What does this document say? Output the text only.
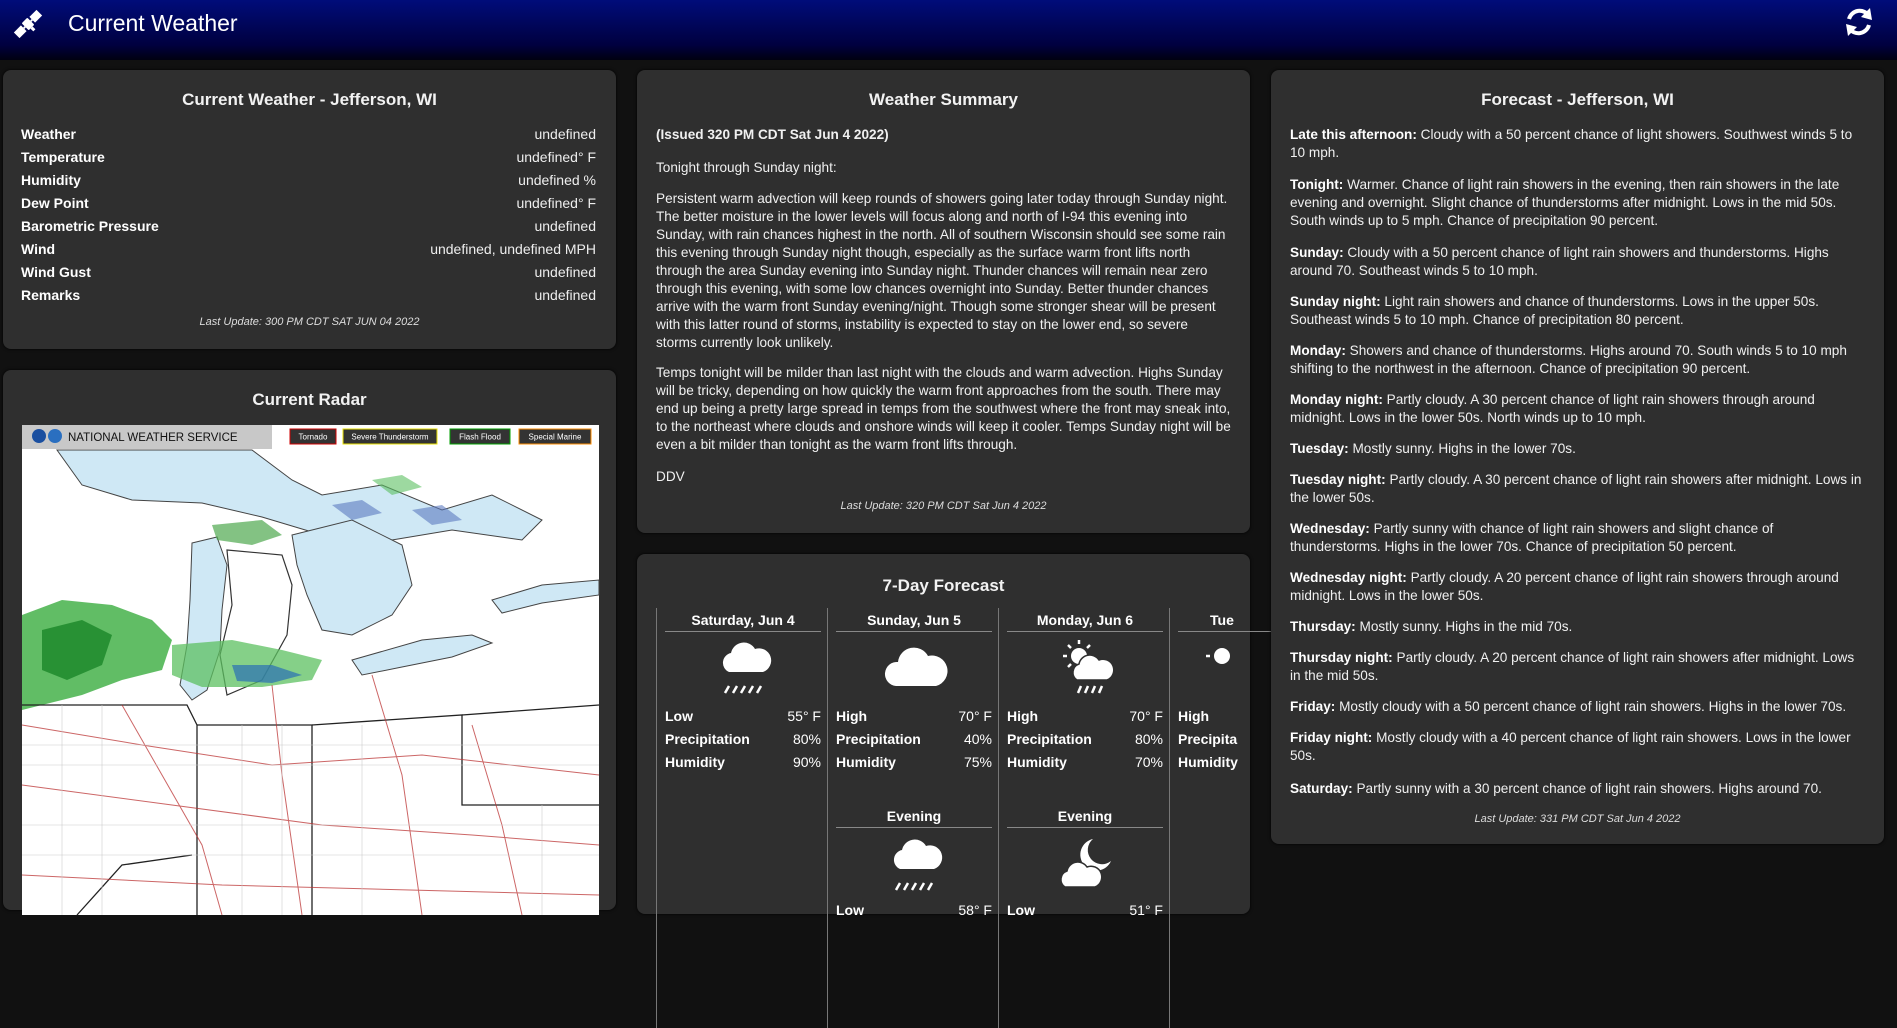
Current Weather
Current Weather - Jefferson, WI
Weather	undefined
Temperature	undefined° F
Humidity	undefined %
Dew Point	undefined° F
Barometric Pressure	undefined
Wind	undefined, undefined MPH
Wind Gust	undefined
Remarks	undefined
Last Update: 300 PM CDT SAT JUN 04 2022
Current Radar
NATIONAL WEATHER SERVICE	Tornado	Severe Thunderstorm	Flash Flood	Special Marine
Weather Summary
(Issued 320 PM CDT Sat Jun 4 2022)
Tonight through Sunday night:
Persistent warm advection will keep rounds of showers going later today through Sunday night. The better moisture in the lower levels will focus along and north of I-94 this evening into Sunday, with rain chances highest in the north. All of southern Wisconsin should see some rain this evening through Sunday night though, especially as the surface warm front lifts north through the area Sunday evening into Sunday night. Thunder chances will remain near zero through this evening, with some low chances overnight into Sunday. Better thunder chances arrive with the warm front Sunday evening/night. Though some stronger shear will be present with this latter round of storms, instability is expected to stay on the lower end, so severe storms currently look unlikely.
Temps tonight will be milder than last night with the clouds and warm advection. Highs Sunday will be tricky, depending on how quickly the warm front approaches from the south. There may end up being a pretty large spread in temps from the southwest where the front may sneak into, to the northeast where clouds and onshore winds will keep it cooler. Temps Sunday night will be even a bit milder than tonight as the warm front lifts through.
DDV
Last Update: 320 PM CDT Sat Jun 4 2022
7-Day Forecast
Saturday, Jun 4
Low	55° F
Precipitation	80%
Humidity	90%
Sunday, Jun 5
High	70° F
Precipitation	40%
Humidity	75%
Evening
Low	58° F
Monday, Jun 6
High	70° F
Precipitation	80%
Humidity	70%
Evening
Low	51° F
Tue
High
Precipita
Humidity
Forecast - Jefferson, WI
Late this afternoon: Cloudy with a 50 percent chance of light showers. Southwest winds 5 to 10 mph.
Tonight: Warmer. Chance of light rain showers in the evening, then rain showers in the late evening and overnight. Slight chance of thunderstorms after midnight. Lows in the mid 50s. South winds up to 5 mph. Chance of precipitation 90 percent.
Sunday: Cloudy with a 50 percent chance of light rain showers and thunderstorms. Highs around 70. Southeast winds 5 to 10 mph.
Sunday night: Light rain showers and chance of thunderstorms. Lows in the upper 50s. Southeast winds 5 to 10 mph. Chance of precipitation 80 percent.
Monday: Showers and chance of thunderstorms. Highs around 70. South winds 5 to 10 mph shifting to the northwest in the afternoon. Chance of precipitation 90 percent.
Monday night: Partly cloudy. A 30 percent chance of light rain showers through around midnight. Lows in the lower 50s. North winds up to 10 mph.
Tuesday: Mostly sunny. Highs in the lower 70s.
Tuesday night: Partly cloudy. A 30 percent chance of light rain showers after midnight. Lows in the lower 50s.
Wednesday: Partly sunny with chance of light rain showers and slight chance of thunderstorms. Highs in the lower 70s. Chance of precipitation 50 percent.
Wednesday night: Partly cloudy. A 20 percent chance of light rain showers through around midnight. Lows in the lower 50s.
Thursday: Mostly sunny. Highs in the mid 70s.
Thursday night: Partly cloudy. A 20 percent chance of light rain showers after midnight. Lows in the mid 50s.
Friday: Mostly cloudy with a 50 percent chance of light rain showers. Highs in the lower 70s.
Friday night: Mostly cloudy with a 40 percent chance of light rain showers. Lows in the lower 50s.
Saturday: Partly sunny with a 30 percent chance of light rain showers. Highs around 70.
Last Update: 331 PM CDT Sat Jun 4 2022
